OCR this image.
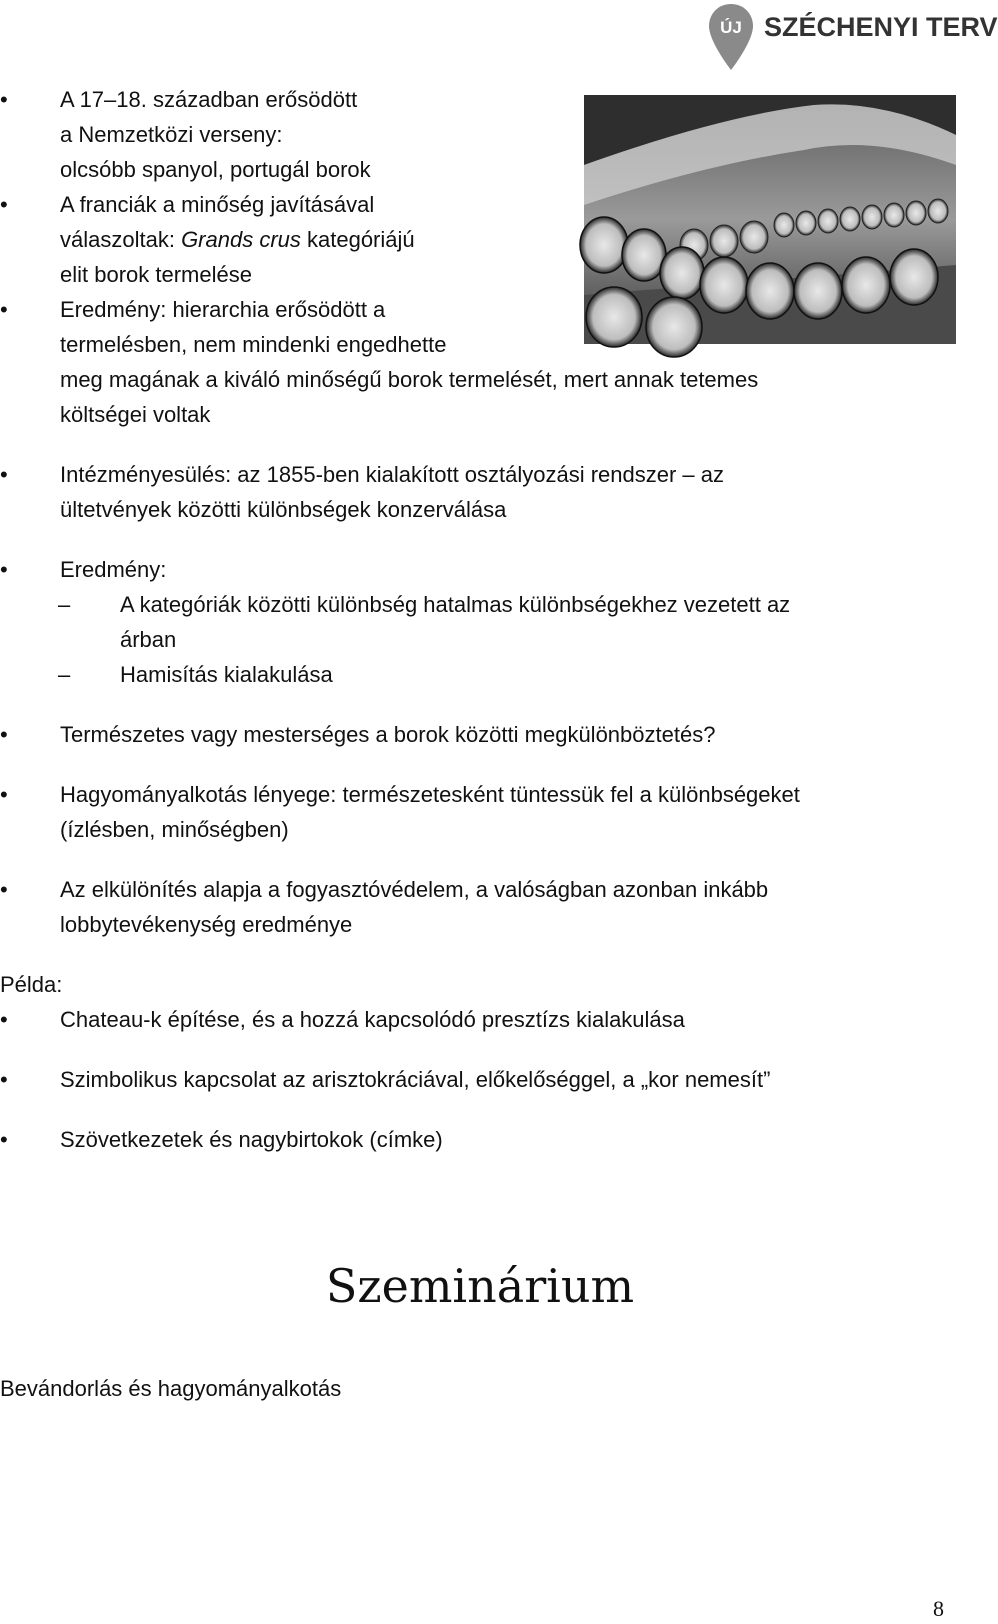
ÚJ SZÉCHENYI TERV
• A 17–18. században erősödött
a Nemzetközi verseny:
olcsóbb spanyol, portugál borok
• A franciák a minőség javításával
válaszoltak: Grands crus kategóriájú
elit borok termelése
• Eredmény: hierarchia erősödött a
termelésben, nem mindenki engedhette
meg magának a kiváló minőségű borok termelését, mert annak tetemes
költségei voltak
• Intézményesülés: az 1855-ben kialakított osztályozási rendszer – az
ültetvények közötti különbségek konzerválása
• Eredmény:
– A kategóriák közötti különbség hatalmas különbségekhez vezetett az
árban
– Hamisítás kialakulása
• Természetes vagy mesterséges a borok közötti megkülönböztetés?
• Hagyományalkotás lényege: természetesként tüntessük fel a különbségeket
(ízlésben, minőségben)
• Az elkülönítés alapja a fogyasztóvédelem, a valóságban azonban inkább
lobbytevékenység eredménye
Példa:
• Chateau-k építése, és a hozzá kapcsolódó presztízs kialakulása
• Szimbolikus kapcsolat az arisztokráciával, előkelőséggel, a „kor nemesít”
• Szövetkezetek és nagybirtokok (címke)
Szeminárium
Bevándorlás és hagyományalkotás
8
